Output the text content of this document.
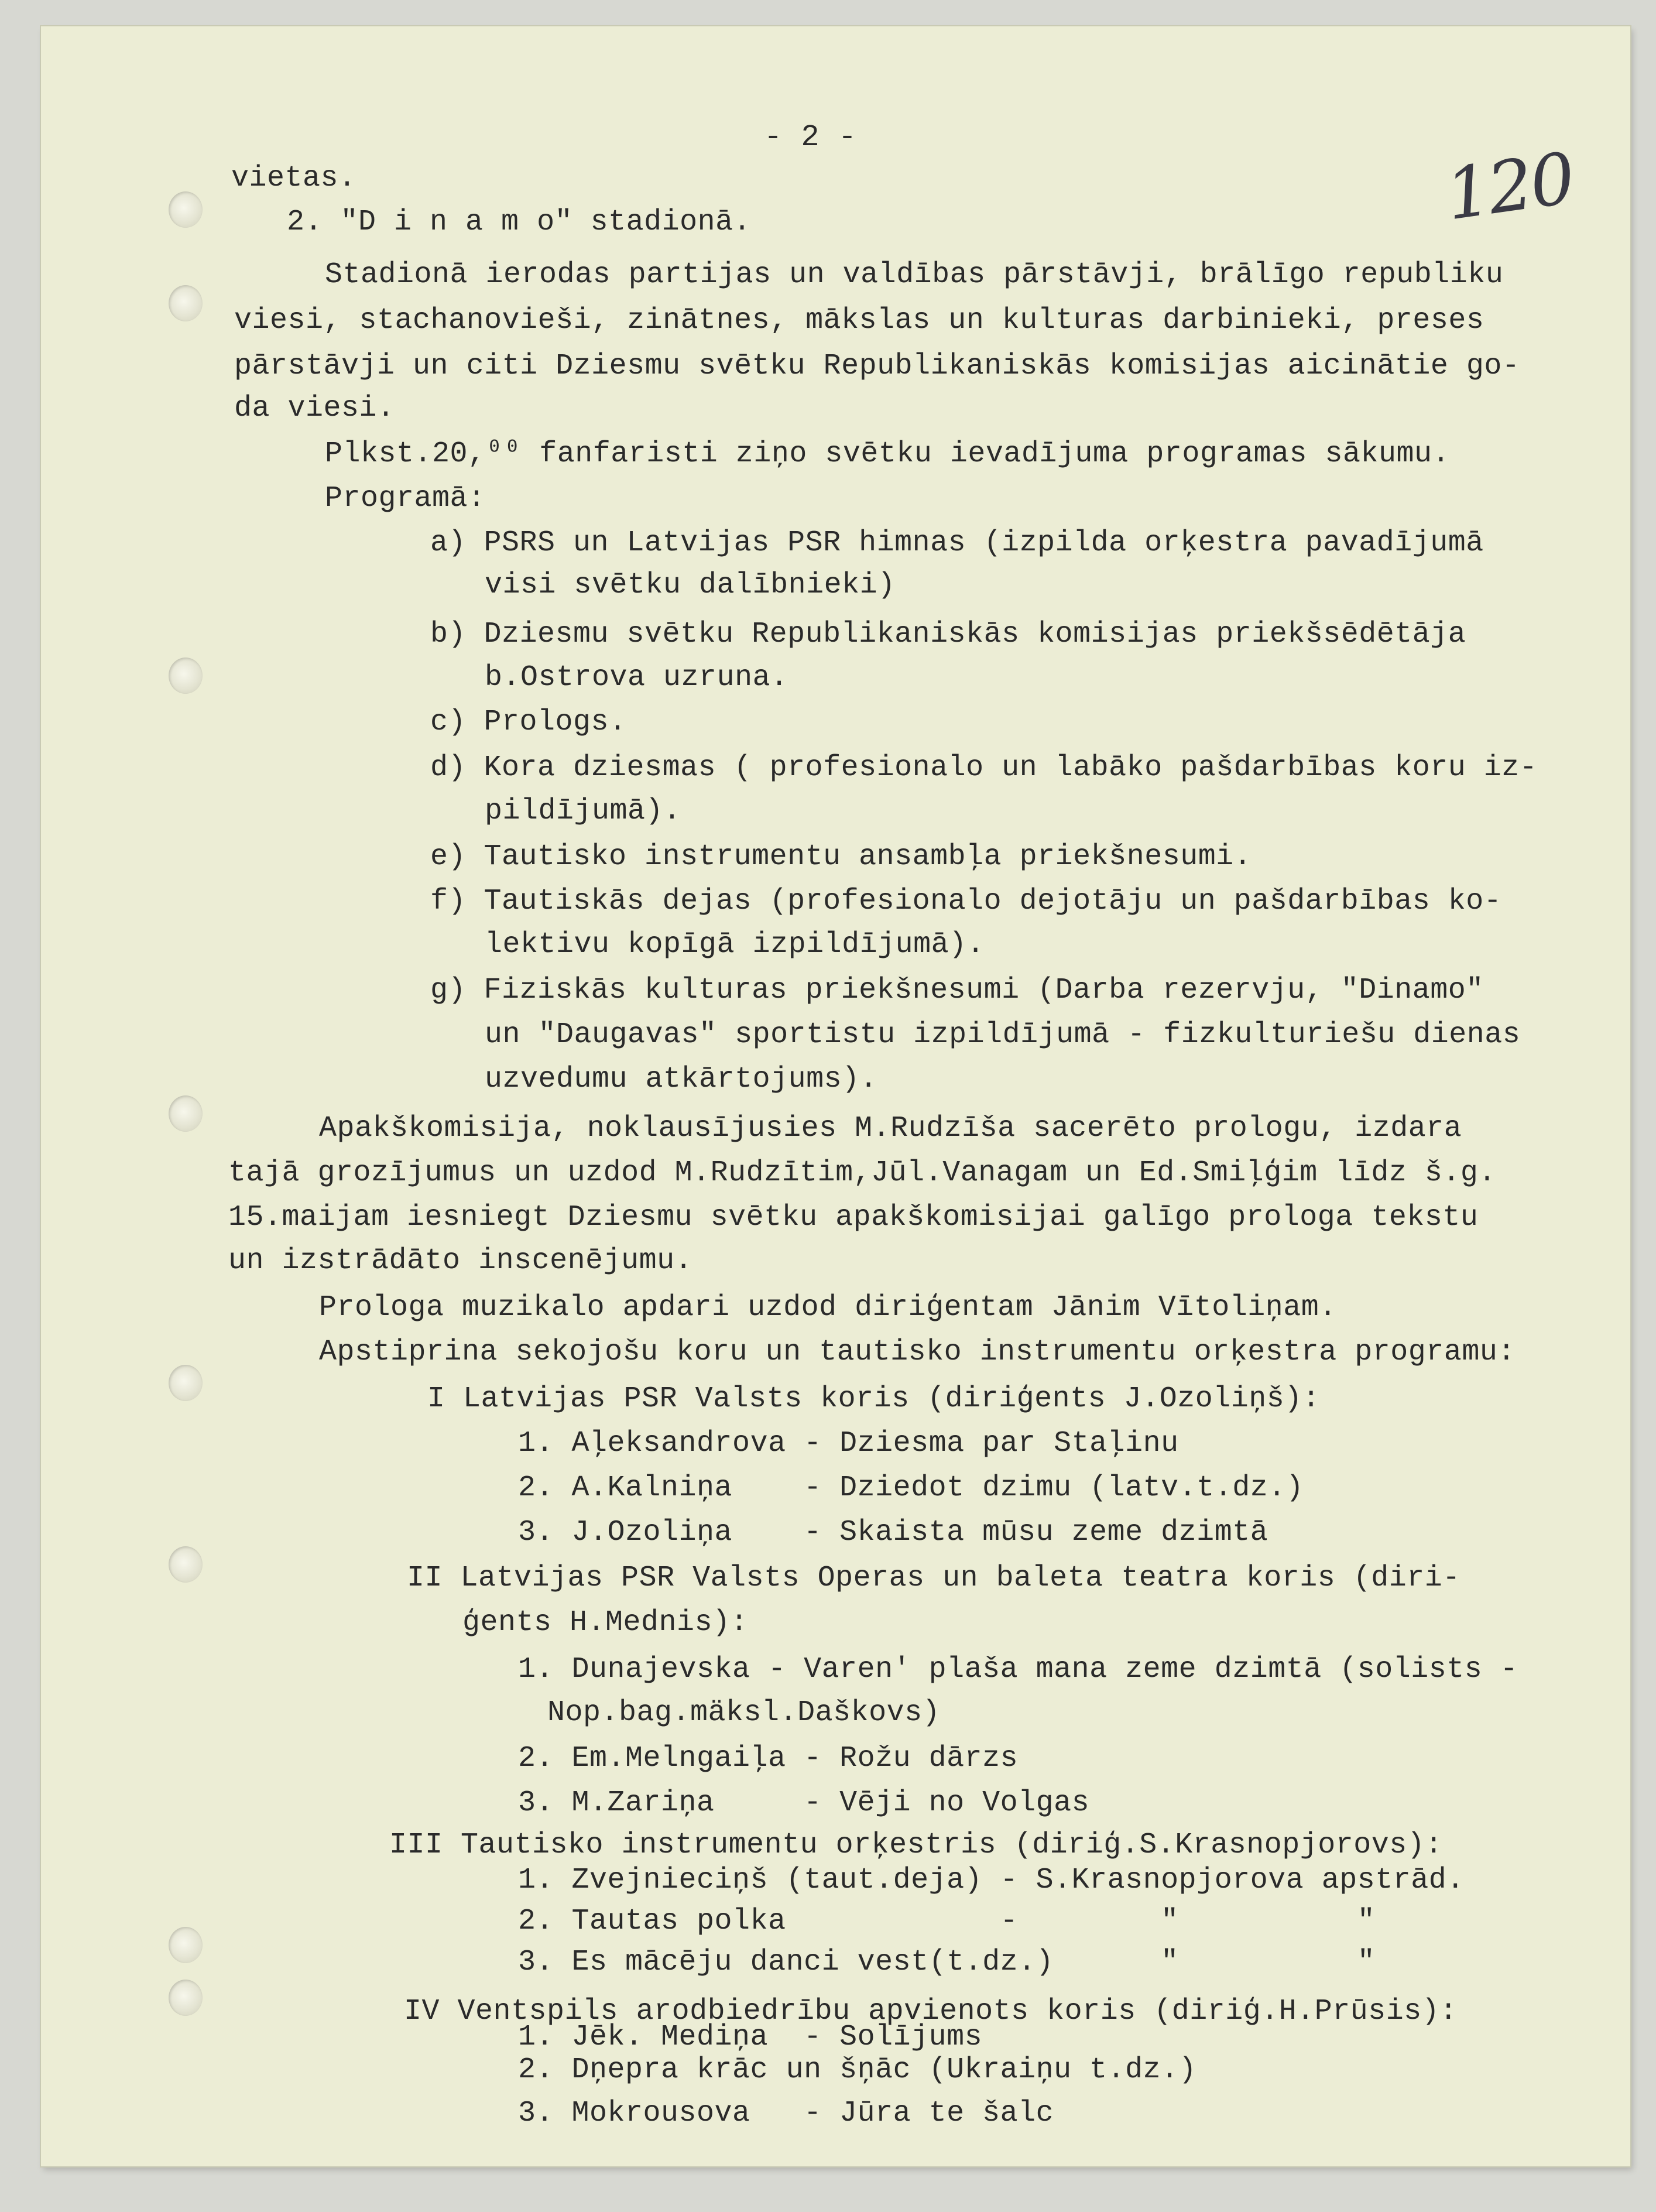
- 2 -
120
vietas.
2. "D i n a m o" stadionā.
Stadionā ierodas partijas un valdības pārstāvji, brālīgo republiku
viesi, stachanovieši, zinātnes, mākslas un kulturas darbinieki, preses
pārstāvji un citi Dziesmu svētku Republikaniskās komisijas aicinātie go-
da viesi.
Plkst.20,⁰⁰ fanfaristi ziņo svētku ievadījuma programas sākumu.
Programā:
a) PSRS un Latvijas PSR himnas (izpilda orķestra pavadījumā
visi svētku dalībnieki)
b) Dziesmu svētku Republikaniskās komisijas priekšsēdētāja
b.Ostrova uzruna.
c) Prologs.
d) Kora dziesmas ( profesionalo un labāko pašdarbības koru iz-
pildījumā).
e) Tautisko instrumentu ansambļa priekšnesumi.
f) Tautiskās dejas (profesionalo dejotāju un pašdarbības ko-
lektivu kopīgā izpildījumā).
g) Fiziskās kulturas priekšnesumi (Darba rezervju, "Dinamo"
un "Daugavas" sportistu izpildījumā - fizkulturiešu dienas
uzvedumu atkārtojums).
Apakškomisija, noklausījusies M.Rudzīša sacerēto prologu, izdara
tajā grozījumus un uzdod M.Rudzītim,Jūl.Vanagam un Ed.Smiļģim līdz š.g.
15.maijam iesniegt Dziesmu svētku apakškomisijai galīgo prologa tekstu
un izstrādāto inscenējumu.
Prologa muzikalo apdari uzdod diriģentam Jānim Vītoliņam.
Apstiprina sekojošu koru un tautisko instrumentu orķestra programu:
I Latvijas PSR Valsts koris (diriģents J.Ozoliņš):
1. Aļeksandrova - Dziesma par Staļinu
2. A.Kalniņa    - Dziedot dzimu (latv.t.dz.)
3. J.Ozoliņa    - Skaista mūsu zeme dzimtā
II Latvijas PSR Valsts Operas un baleta teatra koris (diri-
ģents H.Mednis):
1. Dunajevska - Varen' plaša mana zeme dzimtā (solists -
Nop.bag.mäksl.Daškovs)
2. Em.Melngaiļa - Rožu dārzs
3. M.Zariņa     - Vēji no Volgas
III Tautisko instrumentu orķestris (diriģ.S.Krasnopjorovs):
1. Zvejnieciņš (taut.deja) - S.Krasnopjorova apstrād.
2. Tautas polka            -        "          "
3. Es mācēju danci vest(t.dz.)      "          "
IV Ventspils arodbiedrību apvienots koris (diriģ.H.Prūsis):
1. Jēk. Mediņa  - Solījums
2. Dņepra krāc un šņāc (Ukraiņu t.dz.)
3. Mokrousova   - Jūra te šalc
